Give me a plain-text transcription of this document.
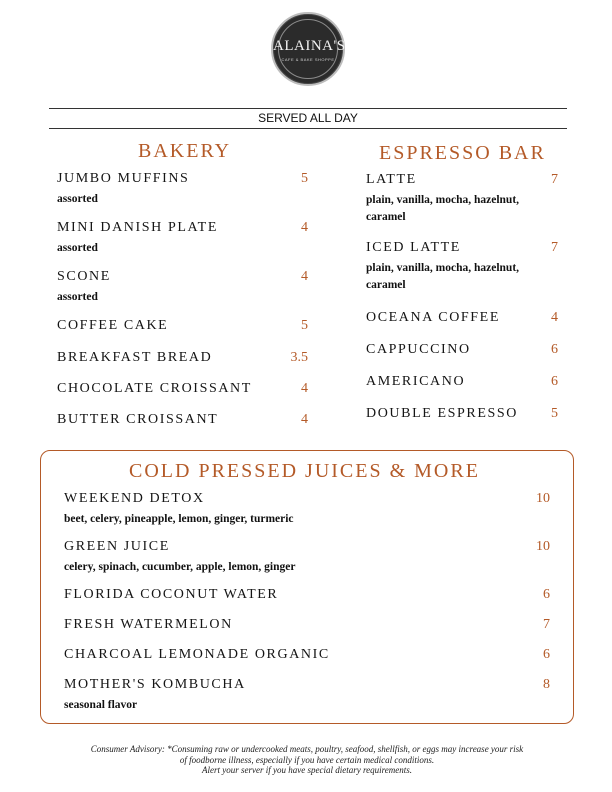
ALAINA'S
CAFE & BAKE SHOPPE
SERVED ALL DAY
BAKERY
JUMBO MUFFINS	5
assorted
MINI DANISH PLATE	4
assorted
SCONE	4
assorted
COFFEE CAKE	5
BREAKFAST BREAD	3.5
CHOCOLATE CROISSANT	4
BUTTER CROISSANT	4
ESPRESSO BAR
LATTE	7
plain, vanilla, mocha, hazelnut, caramel
ICED LATTE	7
plain, vanilla, mocha, hazelnut, caramel
OCEANA COFFEE	4
CAPPUCCINO	6
AMERICANO	6
DOUBLE ESPRESSO	5
COLD PRESSED JUICES & MORE
WEEKEND DETOX	10
beet, celery, pineapple, lemon, ginger, turmeric
GREEN JUICE	10
celery, spinach, cucumber, apple, lemon, ginger
FLORIDA COCONUT WATER	6
FRESH WATERMELON	7
CHARCOAL LEMONADE ORGANIC	6
MOTHER'S KOMBUCHA	8
seasonal flavor
Consumer Advisory: *Consuming raw or undercooked meats, poultry, seafood, shellfish, or eggs may increase your risk
of foodborne illness, especially if you have certain medical conditions.
Alert your server if you have special dietary requirements.
